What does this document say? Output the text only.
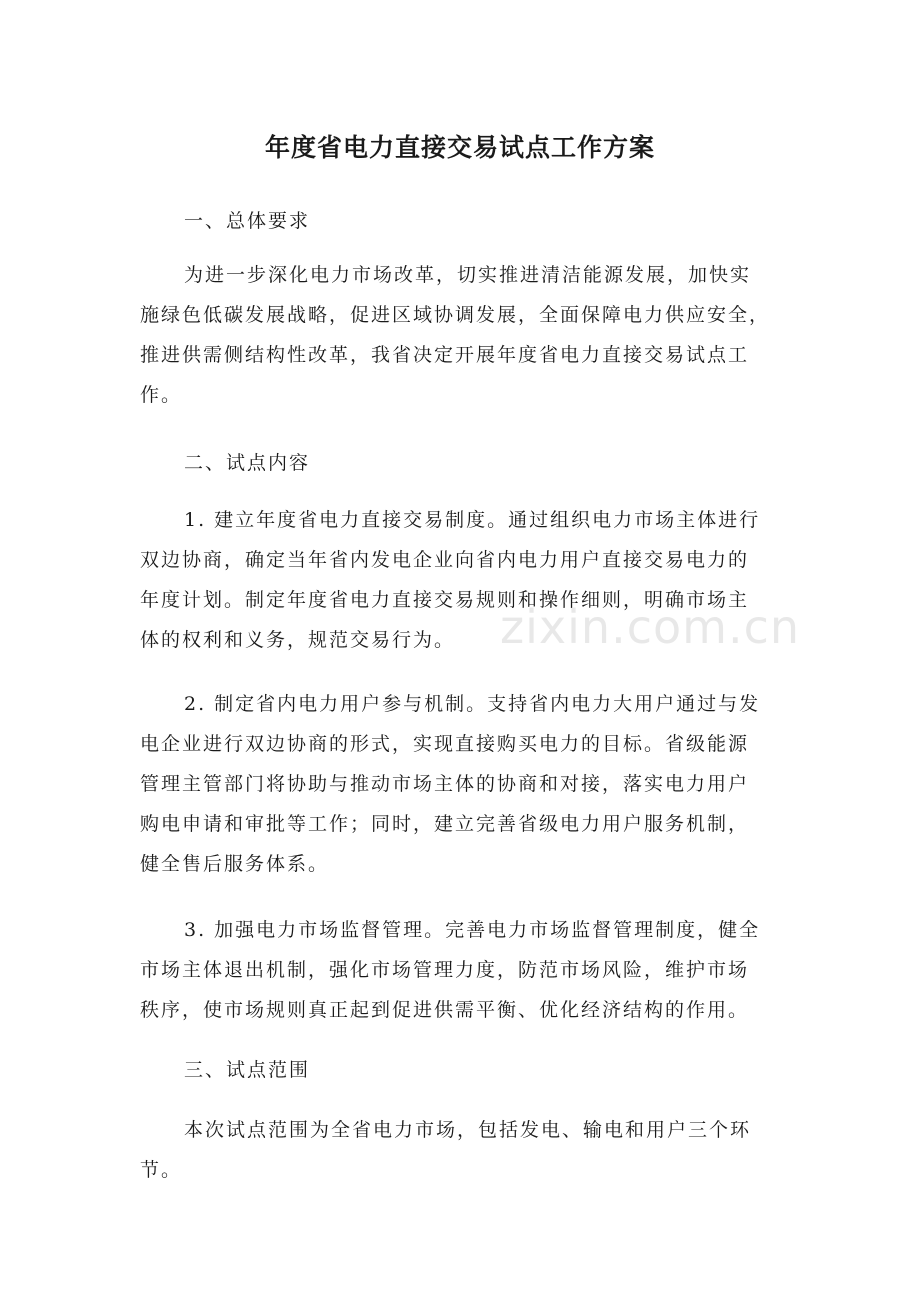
年度省电力直接交易试点工作方案
一、总体要求
为进一步深化电力市场改革，切实推进清洁能源发展，加快实
施绿色低碳发展战略，促进区域协调发展，全面保障电力供应安全，
推进供需侧结构性改革，我省决定开展年度省电力直接交易试点工
作。
二、试点内容
1. 建立年度省电力直接交易制度。通过组织电力市场主体进行
双边协商，确定当年省内发电企业向省内电力用户直接交易电力的
年度计划。制定年度省电力直接交易规则和操作细则，明确市场主
体的权利和义务，规范交易行为。
2. 制定省内电力用户参与机制。支持省内电力大用户通过与发
电企业进行双边协商的形式，实现直接购买电力的目标。省级能源
管理主管部门将协助与推动市场主体的协商和对接，落实电力用户
购电申请和审批等工作；同时，建立完善省级电力用户服务机制，
健全售后服务体系。
3. 加强电力市场监督管理。完善电力市场监督管理制度，健全
市场主体退出机制，强化市场管理力度，防范市场风险，维护市场
秩序，使市场规则真正起到促进供需平衡、优化经济结构的作用。
三、试点范围
本次试点范围为全省电力市场，包括发电、输电和用户三个环
节。
zixin.com.cn
